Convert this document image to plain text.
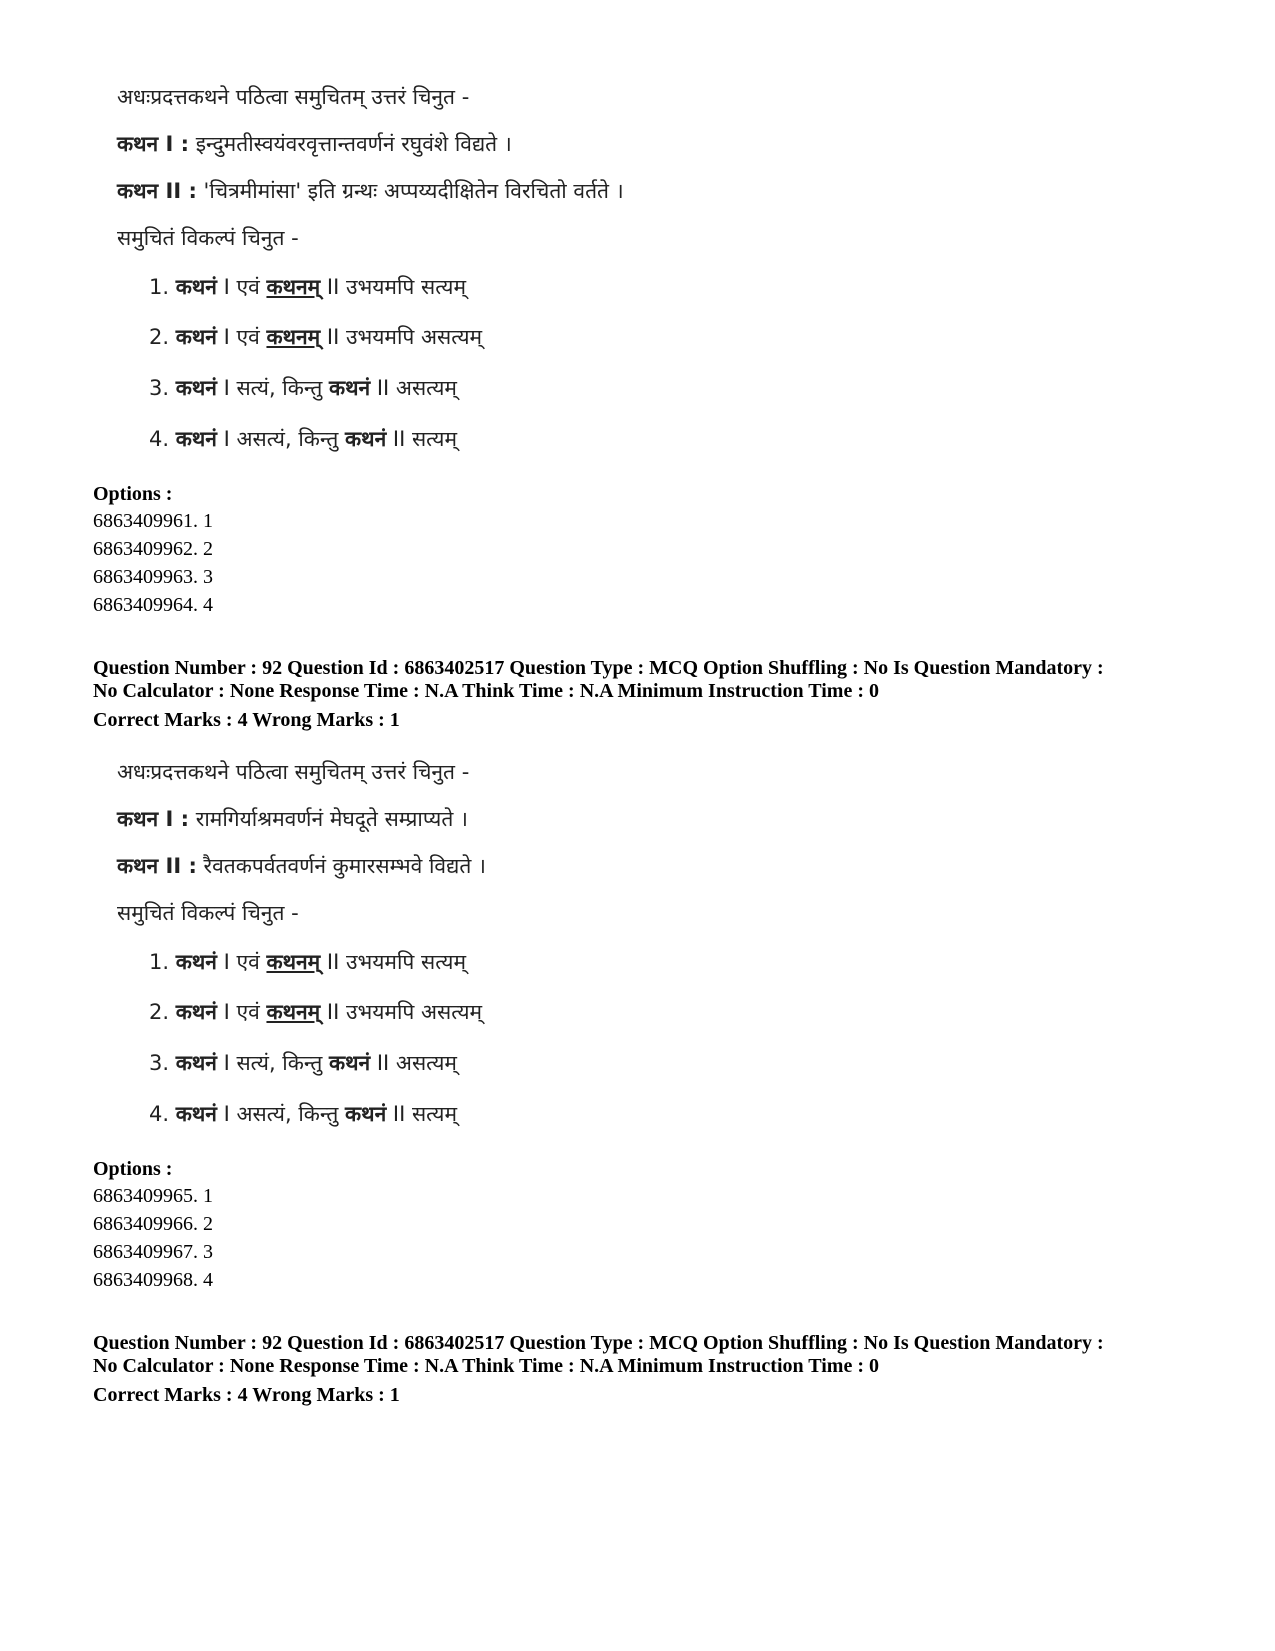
अधःप्रदत्तकथने पठित्वा समुचितम् उत्तरं चिनुत -
कथन I : इन्दुमतीस्वयंवरवृत्तान्तवर्णनं रघुवंशे विद्यते ।
कथन II : 'चित्रमीमांसा' इति ग्रन्थः अप्पय्यदीक्षितेन विरचितो वर्तते ।
समुचितं विकल्पं चिनुत -
1. कथनं I एवं कथनम् II उभयमपि सत्यम्
2. कथनं I एवं कथनम् II उभयमपि असत्यम्
3. कथनं I सत्यं, किन्तु कथनं II असत्यम्
4. कथनं I असत्यं, किन्तु कथनं II सत्यम्
Options :
6863409961. 1
6863409962. 2
6863409963. 3
6863409964. 4
Question Number : 92 Question Id : 6863402517 Question Type : MCQ Option Shuffling : No Is Question Mandatory :
No Calculator : None Response Time : N.A Think Time : N.A Minimum Instruction Time : 0
Correct Marks : 4 Wrong Marks : 1
अधःप्रदत्तकथने पठित्वा समुचितम् उत्तरं चिनुत -
कथन I : रामगिर्याश्रमवर्णनं मेघदूते सम्प्राप्यते ।
कथन II : रैवतकपर्वतवर्णनं कुमारसम्भवे विद्यते ।
समुचितं विकल्पं चिनुत -
1. कथनं I एवं कथनम् II उभयमपि सत्यम्
2. कथनं I एवं कथनम् II उभयमपि असत्यम्
3. कथनं I सत्यं, किन्तु कथनं II असत्यम्
4. कथनं I असत्यं, किन्तु कथनं II सत्यम्
Options :
6863409965. 1
6863409966. 2
6863409967. 3
6863409968. 4
Question Number : 92 Question Id : 6863402517 Question Type : MCQ Option Shuffling : No Is Question Mandatory :
No Calculator : None Response Time : N.A Think Time : N.A Minimum Instruction Time : 0
Correct Marks : 4 Wrong Marks : 1
